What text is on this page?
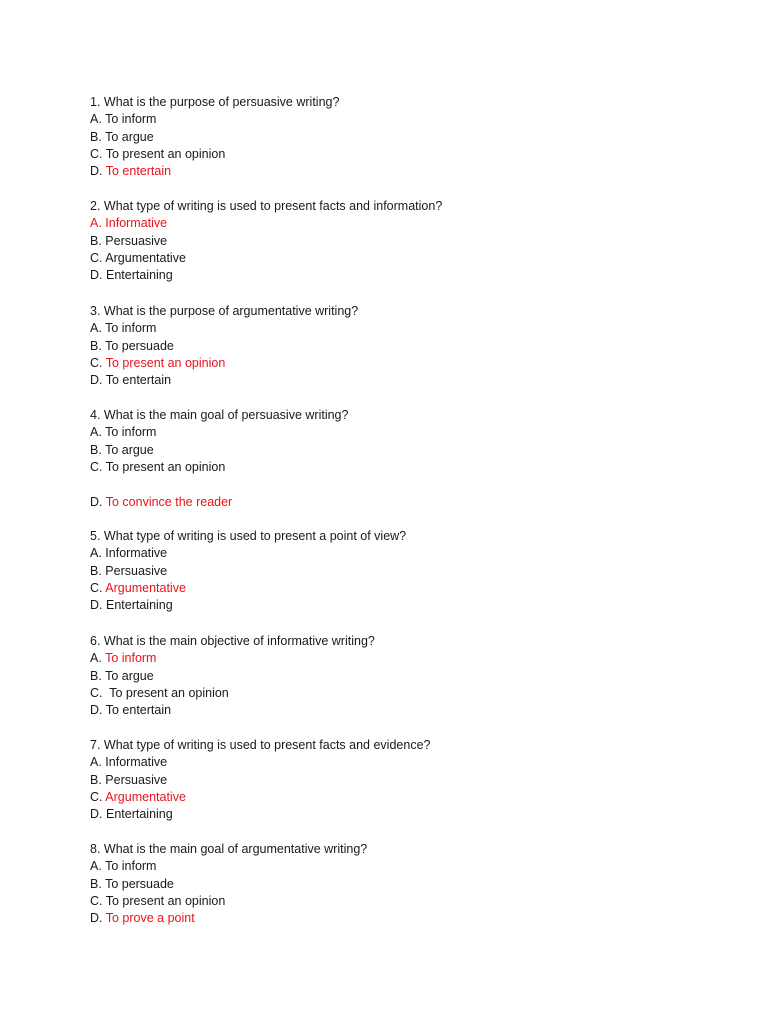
1. What is the purpose of persuasive writing?
A. To inform
B. To argue
C. To present an opinion
D. To entertain
2. What type of writing is used to present facts and information?
A. Informative
B. Persuasive
C. Argumentative
D. Entertaining
3. What is the purpose of argumentative writing?
A. To inform
B. To persuade
C. To present an opinion
D. To entertain
4. What is the main goal of persuasive writing?
A. To inform
B. To argue
C. To present an opinion
D. To convince the reader
5. What type of writing is used to present a point of view?
A. Informative
B. Persuasive
C. Argumentative
D. Entertaining
6. What is the main objective of informative writing?
A. To inform
B. To argue
C.  To present an opinion
D. To entertain
7. What type of writing is used to present facts and evidence?
A. Informative
B. Persuasive
C. Argumentative
D. Entertaining
8. What is the main goal of argumentative writing?
A. To inform
B. To persuade
C. To present an opinion
D. To prove a point
